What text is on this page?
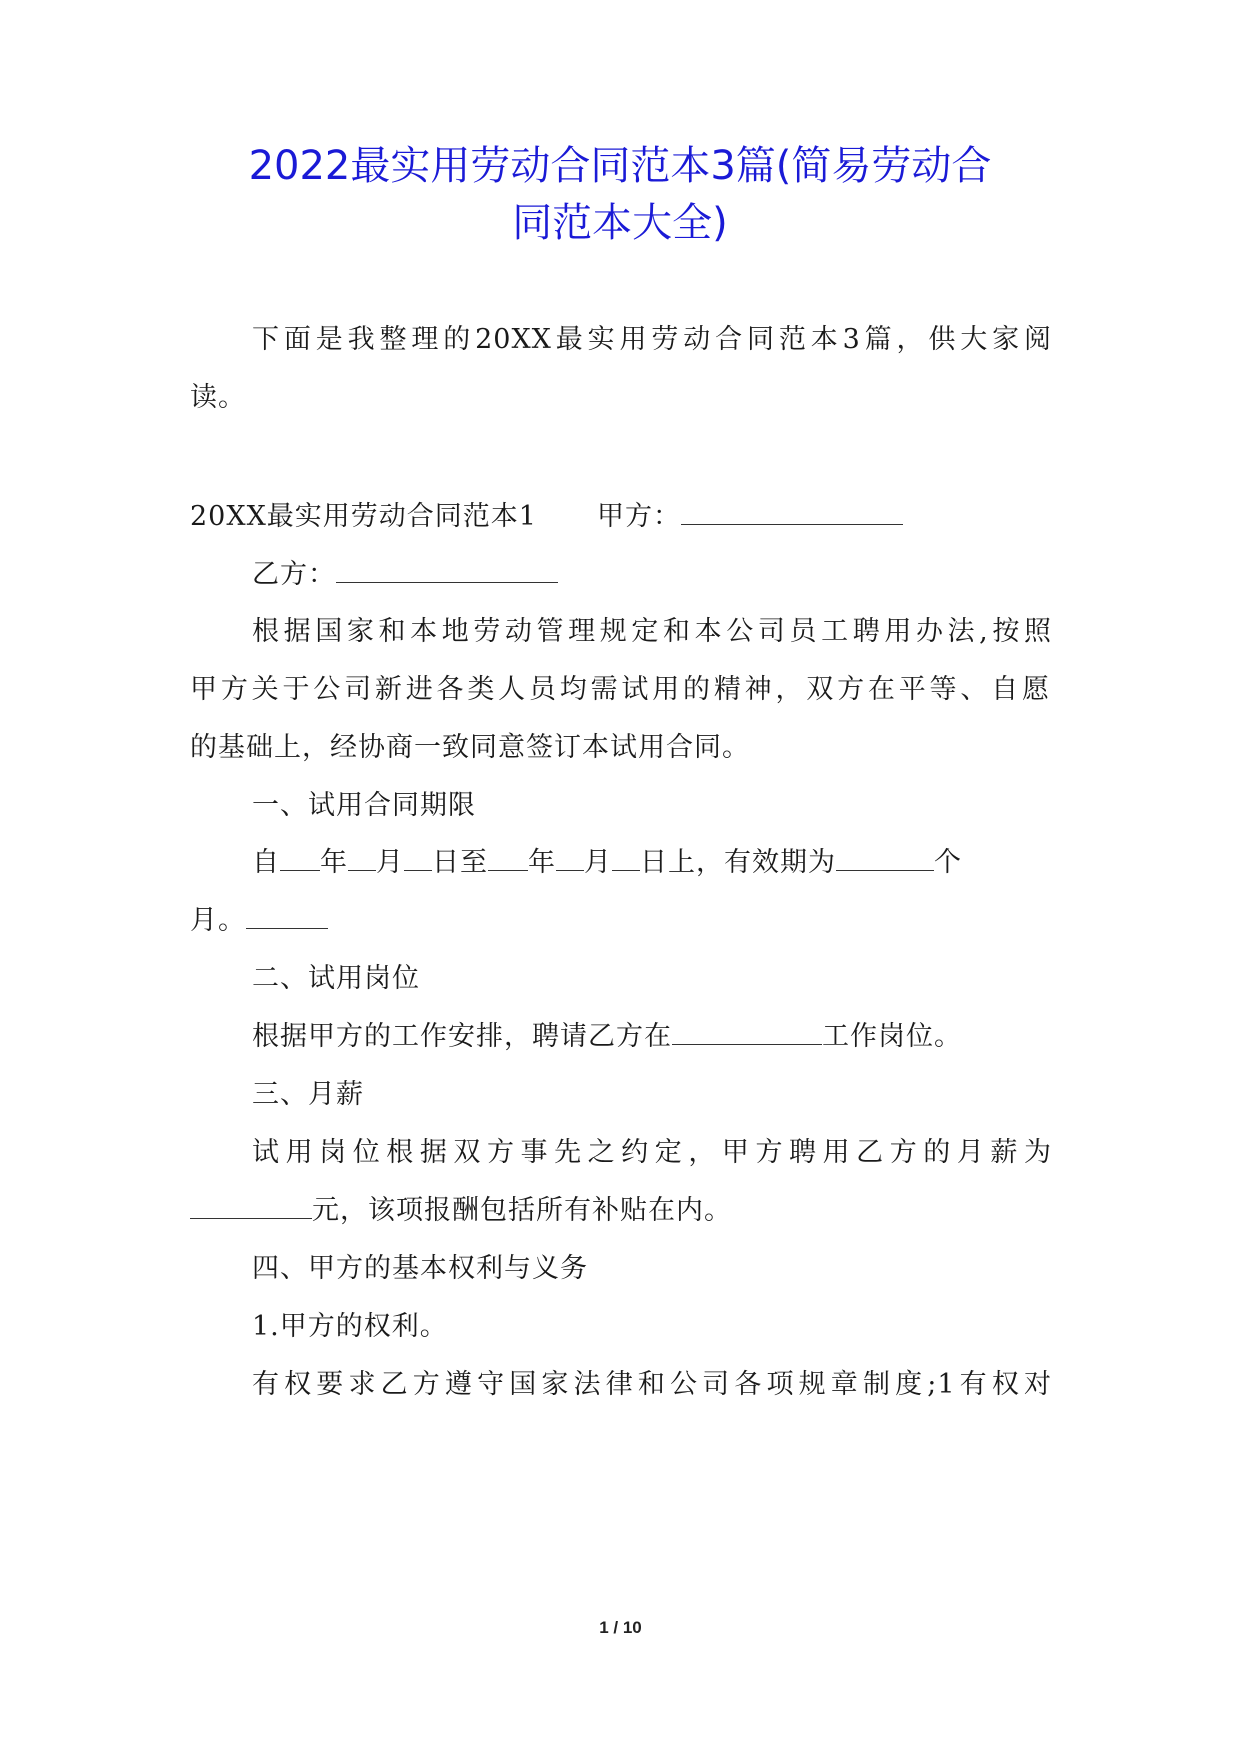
2022最实用劳动合同范本3篇(简易劳动合
同范本大全)
下面是我整理的20XX最实用劳动合同范本3篇，供大家阅
读。
20XX最实用劳动合同范本1 甲方：
乙方：
根据国家和本地劳动管理规定和本公司员工聘用办法,按照
甲方关于公司新进各类人员均需试用的精神，双方在平等、自愿
的基础上，经协商一致同意签订本试用合同。
一、试用合同期限
自 年 月 日至 年 月 日上，有效期为	个
月。
二、试用岗位
根据甲方的工作安排，聘请乙方在	工作岗位。
三、月薪
试用岗位根据双方事先之约定，甲方聘用乙方的月薪为
元，该项报酬包括所有补贴在内。
四、甲方的基本权利与义务
1.甲方的权利。
有权要求乙方遵守国家法律和公司各项规章制度;1有权对
1 / 10
